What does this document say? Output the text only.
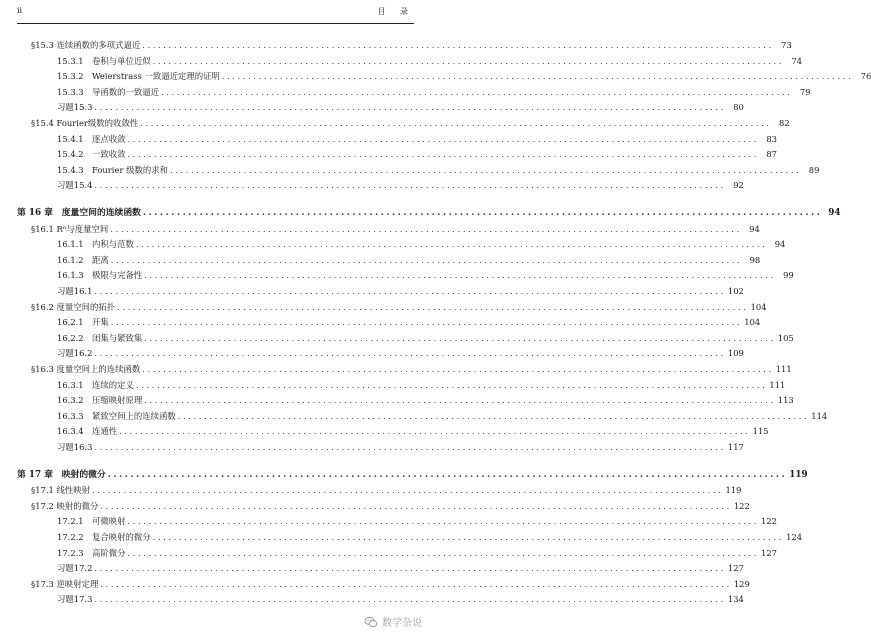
ii	目 录
§15.3 连续函数的多项式逼近 ........................................................................................................................ 73
15.3.1　卷积与单位近似 ........................................................................................................................ 74
15.3.2　Weierstrass 一致逼近定理的证明 ........................................................................................................................ 76
15.3.3　导函数的一致逼近 ........................................................................................................................ 79
习题15.3 ........................................................................................................................ 80
§15.4 Fourier级数的收敛性 ........................................................................................................................ 82
15.4.1　逐点收敛 ........................................................................................................................ 83
15.4.2　一致收敛 ........................................................................................................................ 87
15.4.3　Fourier 级数的求和 ........................................................................................................................ 89
习题15.4 ........................................................................................................................ 92
第 16 章　度量空间的连续函数 ........................................................................................................................ 94
§16.1 Rⁿ与度量空间 ........................................................................................................................ 94
16.1.1　内积与范数 ........................................................................................................................ 94
16.1.2　距离 ........................................................................................................................ 98
16.1.3　极限与完备性 ........................................................................................................................ 99
习题16.1 ........................................................................................................................ 102
§16.2 度量空间的拓扑 ........................................................................................................................ 104
16.2.1　开集 ........................................................................................................................ 104
16.2.2　闭集与紧致集 ........................................................................................................................ 105
习题16.2 ........................................................................................................................ 109
§16.3 度量空间上的连续函数 ........................................................................................................................ 111
16.3.1　连续的定义 ........................................................................................................................ 111
16.3.2　压缩映射原理 ........................................................................................................................ 113
16.3.3　紧致空间上的连续函数 ........................................................................................................................ 114
16.3.4　连通性 ........................................................................................................................ 115
习题16.3 ........................................................................................................................ 117
第 17 章　映射的微分 ........................................................................................................................ 119
§17.1 线性映射 ........................................................................................................................ 119
§17.2 映射的微分 ........................................................................................................................ 122
17.2.1　可微映射 ........................................................................................................................ 122
17.2.2　复合映射的微分 ........................................................................................................................ 124
17.2.3　高阶微分 ........................................................................................................................ 127
习题17.2 ........................................................................................................................ 127
§17.3 逆映射定理 ........................................................................................................................ 129
习题17.3 ........................................................................................................................ 134
数学杂说
